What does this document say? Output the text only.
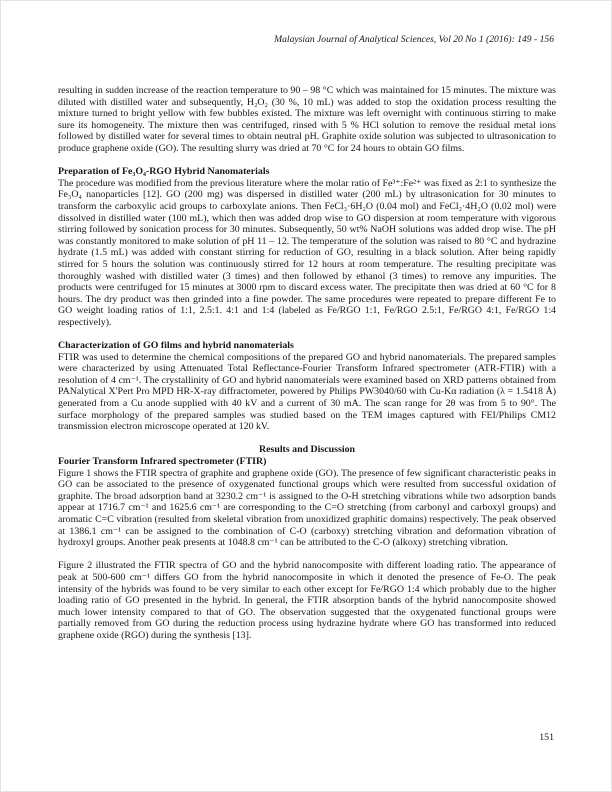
Malaysian Journal of Analytical Sciences, Vol 20 No 1 (2016): 149 - 156

resulting in sudden increase of the reaction temperature to 90 – 98 °C which was maintained for 15 minutes. The mixture was diluted with distilled water and subsequently, H₂O₂ (30 %, 10 mL) was added to stop the oxidation process resulting the mixture turned to bright yellow with few bubbles existed. The mixture was left overnight with continuous stirring to make sure its homogeneity. The mixture then was centrifuged, rinsed with 5 % HCl solution to remove the residual metal ions followed by distilled water for several times to obtain neutral pH. Graphite oxide solution was subjected to ultrasonication to produce graphene oxide (GO). The resulting slurry was dried at 70 °C for 24 hours to obtain GO films.

Preparation of Fe₃O₄-RGO Hybrid Nanomaterials

The procedure was modified from the previous literature where the molar ratio of Fe³⁺:Fe²⁺ was fixed as 2:1 to synthesize the Fe₃O₄ nanoparticles [12]. GO (200 mg) was dispersed in distilled water (200 mL) by ultrasonication for 30 minutes to transform the carboxylic acid groups to carboxylate anions. Then FeCl₃·6H₂O (0.04 mol) and FeCl₂·4H₂O (0.02 mol) were dissolved in distilled water (100 mL), which then was added drop wise to GO dispersion at room temperature with vigorous stirring followed by sonication process for 30 minutes. Subsequently, 50 wt% NaOH solutions was added drop wise. The pH was constantly monitored to make solution of pH 11 – 12. The temperature of the solution was raised to 80 °C and hydrazine hydrate (1.5 mL) was added with constant stirring for reduction of GO, resulting in a black solution. After being rapidly stirred for 5 hours the solution was continuously stirred for 12 hours at room temperature. The resulting precipitate was thoroughly washed with distilled water (3 times) and then followed by ethanol (3 times) to remove any impurities. The products were centrifuged for 15 minutes at 3000 rpm to discard excess water. The precipitate then was dried at 60 °C for 8 hours. The dry product was then grinded into a fine powder. The same procedures were repeated to prepare different Fe to GO weight loading ratios of 1:1, 2.5:1. 4:1 and 1:4 (labeled as Fe/RGO 1:1, Fe/RGO 2.5:1, Fe/RGO 4:1, Fe/RGO 1:4 respectively).

Characterization of GO films and hybrid nanomaterials

FTIR was used to determine the chemical compositions of the prepared GO and hybrid nanomaterials. The prepared samples were characterized by using Attenuated Total Reflectance-Fourier Transform Infrared spectrometer (ATR-FTIR) with a resolution of 4 cm⁻¹. The crystallinity of GO and hybrid nanomaterials were examined based on XRD patterns obtained from PANalytical X'Pert Pro MPD HR-X-ray diffractometer, powered by Philips PW3040/60 with Cu-Kα radiation (λ = 1.5418 Å) generated from a Cu anode supplied with 40 kV and a current of 30 mA. The scan range for 2θ was from 5 to 90°. The surface morphology of the prepared samples was studied based on the TEM images captured with FEI/Philips CM12 transmission electron microscope operated at 120 kV.

Results and Discussion
Fourier Transform Infrared spectrometer (FTIR)

Figure 1 shows the FTIR spectra of graphite and graphene oxide (GO). The presence of few significant characteristic peaks in GO can be associated to the presence of oxygenated functional groups which were resulted from successful oxidation of graphite. The broad adsorption band at 3230.2 cm⁻¹ is assigned to the O-H stretching vibrations while two adsorption bands appear at 1716.7 cm⁻¹ and 1625.6 cm⁻¹ are corresponding to the C=O stretching (from carbonyl and carboxyl groups) and aromatic C=C vibration (resulted from skeletal vibration from unoxidized graphitic domains) respectively. The peak observed at 1386.1 cm⁻¹ can be assigned to the combination of C-O (carboxy) stretching vibration and deformation vibration of hydroxyl groups. Another peak presents at 1048.8 cm⁻¹ can be attributed to the C-O (alkoxy) stretching vibration.

Figure 2 illustrated the FTIR spectra of GO and the hybrid nanocomposite with different loading ratio. The appearance of peak at 500-600 cm⁻¹ differs GO from the hybrid nanocomposite in which it denoted the presence of Fe-O. The peak intensity of the hybrids was found to be very similar to each other except for Fe/RGO 1:4 which probably due to the higher loading ratio of GO presented in the hybrid. In general, the FTIR absorption bands of the hybrid nanocomposite showed much lower intensity compared to that of GO. The observation suggested that the oxygenated functional groups were partially removed from GO during the reduction process using hydrazine hydrate where GO has transformed into reduced graphene oxide (RGO) during the synthesis [13].

151
